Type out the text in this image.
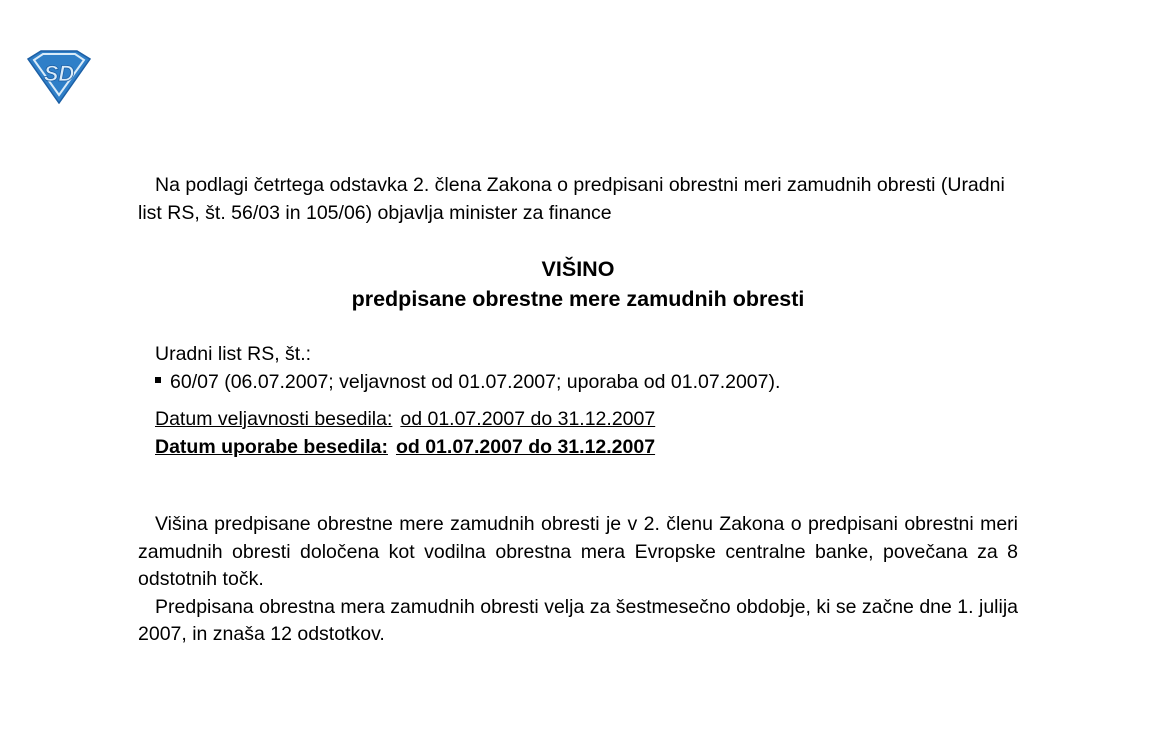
SD
Na podlagi četrtega odstavka 2. člena Zakona o predpisani obrestni meri zamudnih obresti (Uradni list RS, št. 56/03 in 105/06) objavlja minister za finance
VIŠINO
predpisane obrestne mere zamudnih obresti
Uradni list RS, št.:
60/07 (06.07.2007; veljavnost od 01.07.2007; uporaba od 01.07.2007).
Datum veljavnosti besedila: od 01.07.2007 do 31.12.2007
Datum uporabe besedila: od 01.07.2007 do 31.12.2007

Višina predpisane obrestne mere zamudnih obresti je v 2. členu Zakona o predpisani obrestni meri zamudnih obresti določena kot vodilna obrestna mera Evropske centralne banke, povečana za 8 odstotnih točk.

Predpisana obrestna mera zamudnih obresti velja za šestmesečno obdobje, ki se začne dne 1. julija 2007, in znaša 12 odstotkov.
